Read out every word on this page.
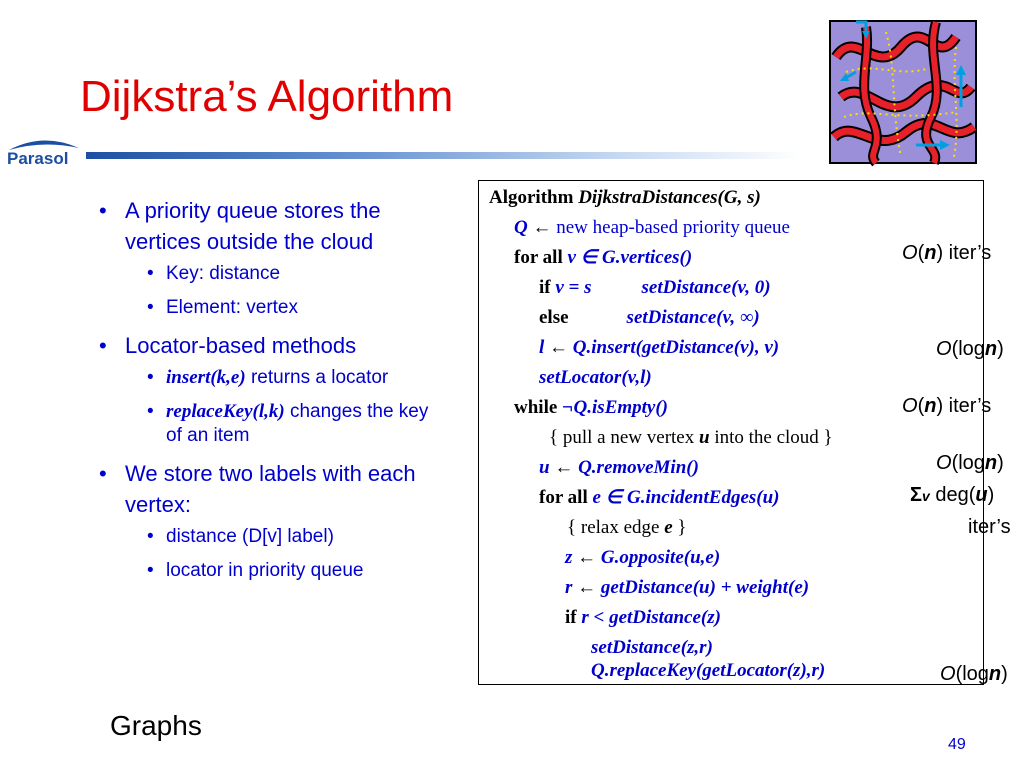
Dijkstra’s Algorithm
Parasol
• A priority queue stores the vertices outside the cloud
• Key: distance
• Element: vertex
• Locator-based methods
• insert(k,e) returns a locator
• replaceKey(l,k) changes the key of an item
• We store two labels with each vertex:
• distance (D[v] label)
• locator in priority queue
Algorithm DijkstraDistances(G, s)
Q ← new heap-based priority queue
for all v ∈ G.vertices()
if v = s	setDistance(v, 0)
else	setDistance(v, ∞)
l ← Q.insert(getDistance(v), v)
setLocator(v,l)
while ¬Q.isEmpty()
{ pull a new vertex u into the cloud }
u ← Q.removeMin()
for all e ∈ G.incidentEdges(u)
{ relax edge e }
z ← G.opposite(u,e)
r ← getDistance(u) + weight(e)
if r < getDistance(z)
setDistance(z,r)
Q.replaceKey(getLocator(z),r)
O(n) iter’s
O(logn)
O(n) iter’s
O(logn)
Σv deg(u)
iter’s
O(logn)
Graphs
49
